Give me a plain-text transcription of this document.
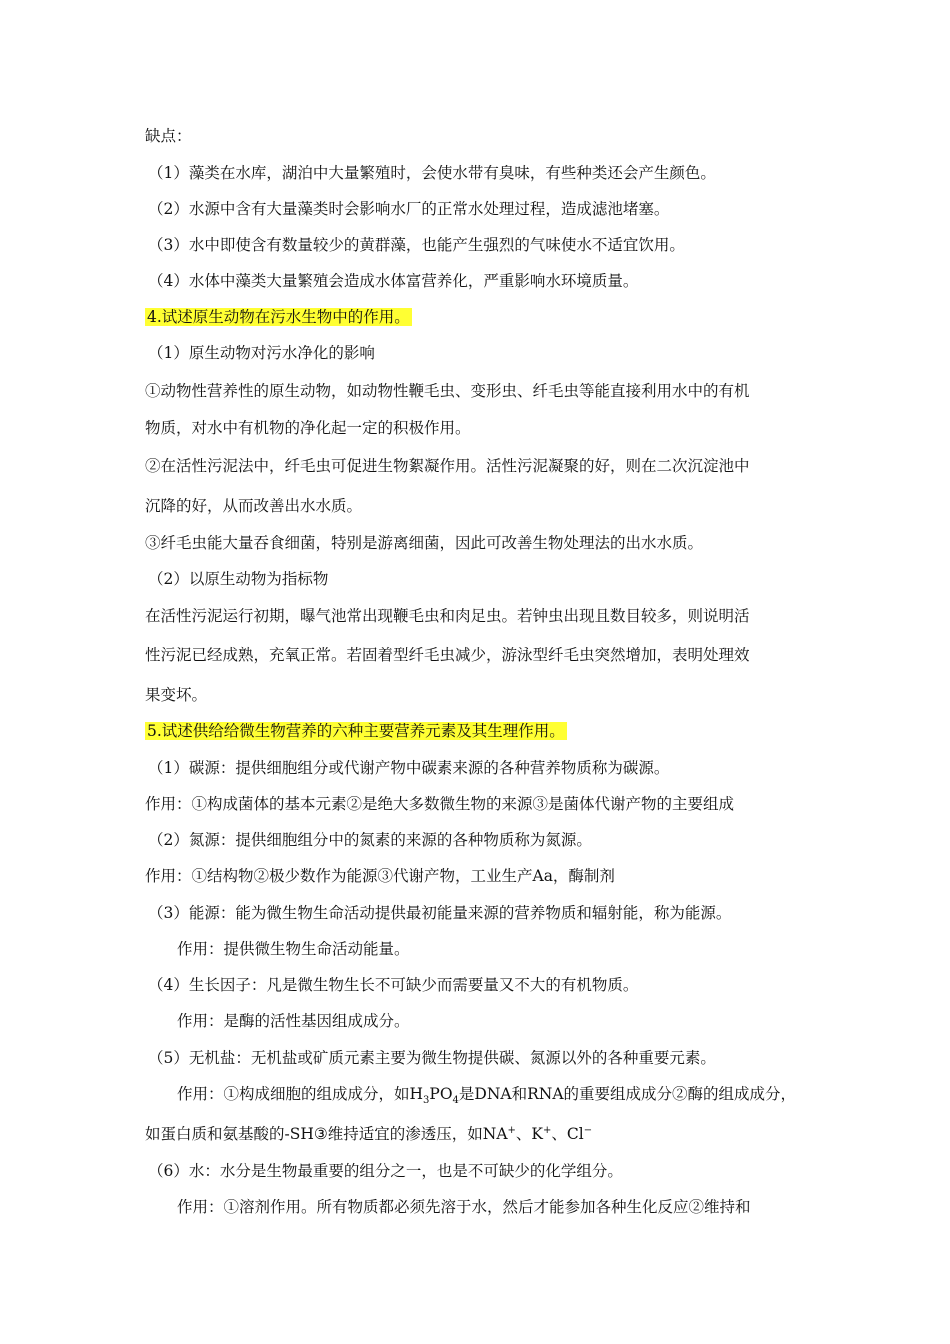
缺点：
（1）藻类在水库，湖泊中大量繁殖时，会使水带有臭味，有些种类还会产生颜色。
（2）水源中含有大量藻类时会影响水厂的正常水处理过程，造成滤池堵塞。
（3）水中即使含有数量较少的黄群藻，也能产生强烈的气味使水不适宜饮用。
（4）水体中藻类大量繁殖会造成水体富营养化，严重影响水环境质量。
4.试述原生动物在污水生物中的作用。
（1）原生动物对污水净化的影响
①动物性营养性的原生动物，如动物性鞭毛虫、变形虫、纤毛虫等能直接利用水中的有机
物质，对水中有机物的净化起一定的积极作用。
②在活性污泥法中，纤毛虫可促进生物絮凝作用。活性污泥凝聚的好，则在二次沉淀池中
沉降的好，从而改善出水水质。
③纤毛虫能大量吞食细菌，特别是游离细菌，因此可改善生物处理法的出水水质。
（2）以原生动物为指标物
在活性污泥运行初期，曝气池常出现鞭毛虫和肉足虫。若钟虫出现且数目较多，则说明活
性污泥已经成熟，充氧正常。若固着型纤毛虫减少，游泳型纤毛虫突然增加，表明处理效
果变坏。
5.试述供给给微生物营养的六种主要营养元素及其生理作用。
（1）碳源：提供细胞组分或代谢产物中碳素来源的各种营养物质称为碳源。
作用：①构成菌体的基本元素②是绝大多数微生物的来源③是菌体代谢产物的主要组成
（2）氮源：提供细胞组分中的氮素的来源的各种物质称为氮源。
作用：①结构物②极少数作为能源③代谢产物，工业生产Aa，酶制剂
（3）能源：能为微生物生命活动提供最初能量来源的营养物质和辐射能，称为能源。
作用：提供微生物生命活动能量。
（4）生长因子：凡是微生物生长不可缺少而需要量又不大的有机物质。
作用：是酶的活性基因组成成分。
（5）无机盐：无机盐或矿质元素主要为微生物提供碳、氮源以外的各种重要元素。
作用：①构成细胞的组成成分，如$H_3PO_4$是DNA和RNA的重要组成成分②酶的组成成分，
如蛋白质和氨基酸的-SH③维持适宜的渗透压，如NA+、K+、Cl−
（6）水：水分是生物最重要的组分之一，也是不可缺少的化学组分。
作用：①溶剂作用。所有物质都必须先溶于水，然后才能参加各种生化反应②维持和
